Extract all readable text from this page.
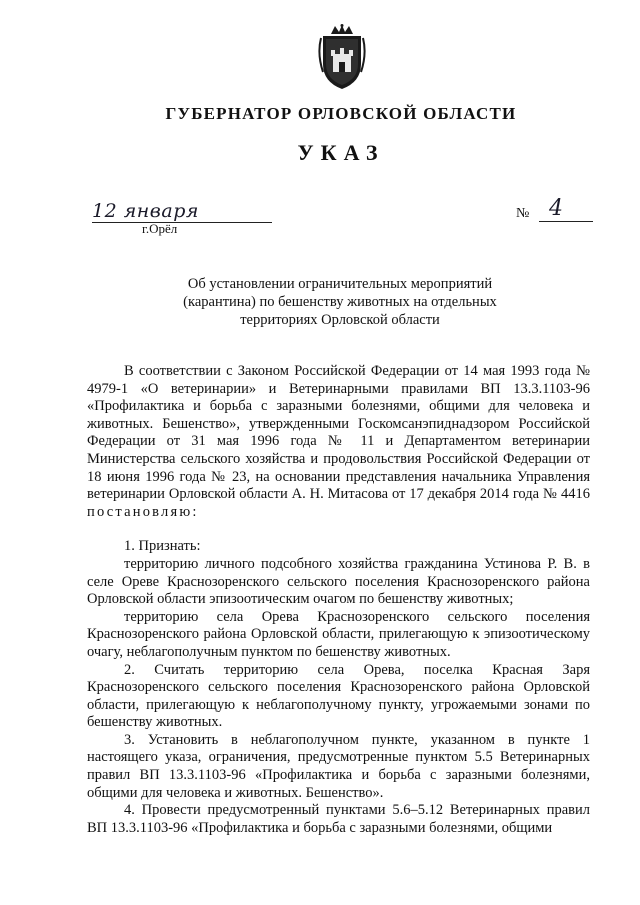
ГУБЕРНАТОР ОРЛОВСКОЙ ОБЛАСТИ
УКАЗ
12 января
г.Орёл
№ 4
Об установлении ограничительных мероприятий (карантина) по бешенству животных на отдельных территориях Орловской области

В соответствии с Законом Российской Федерации от 14 мая 1993 года № 4979-1 «О ветеринарии» и Ветеринарными правилами ВП 13.3.1103-96 «Профилактика и борьба с заразными болезнями, общими для человека и животных. Бешенство», утвержденными Госкомсанэпиднадзором Российской Федерации от 31 мая 1996 года № 11 и Департаментом ветеринарии Министерства сельского хозяйства и продовольствия Российской Федерации от 18 июня 1996 года № 23, на основании представления начальника Управления ветеринарии Орловской области А. Н. Митасова от 17 декабря 2014 года № 4416 постановляю:

1. Признать:

территорию личного подсобного хозяйства гражданина Устинова Р. В. в селе Ореве Краснозоренского сельского поселения Краснозоренского района Орловской области эпизоотическим очагом по бешенству животных;

территорию села Орева Краснозоренского сельского поселения Краснозоренского района Орловской области, прилегающую к эпизоотическому очагу, неблагополучным пунктом по бешенству животных.

2. Считать территорию села Орева, поселка Красная Заря Краснозоренского сельского поселения Краснозоренского района Орловской области, прилегающую к неблагополучному пункту, угрожаемыми зонами по бешенству животных.

3. Установить в неблагополучном пункте, указанном в пункте 1 настоящего указа, ограничения, предусмотренные пунктом 5.5 Ветеринарных правил ВП 13.3.1103-96 «Профилактика и борьба с заразными болезнями, общими для человека и животных. Бешенство».

4. Провести предусмотренный пунктами 5.6–5.12 Ветеринарных правил ВП 13.3.1103-96 «Профилактика и борьба с заразными болезнями, общими
